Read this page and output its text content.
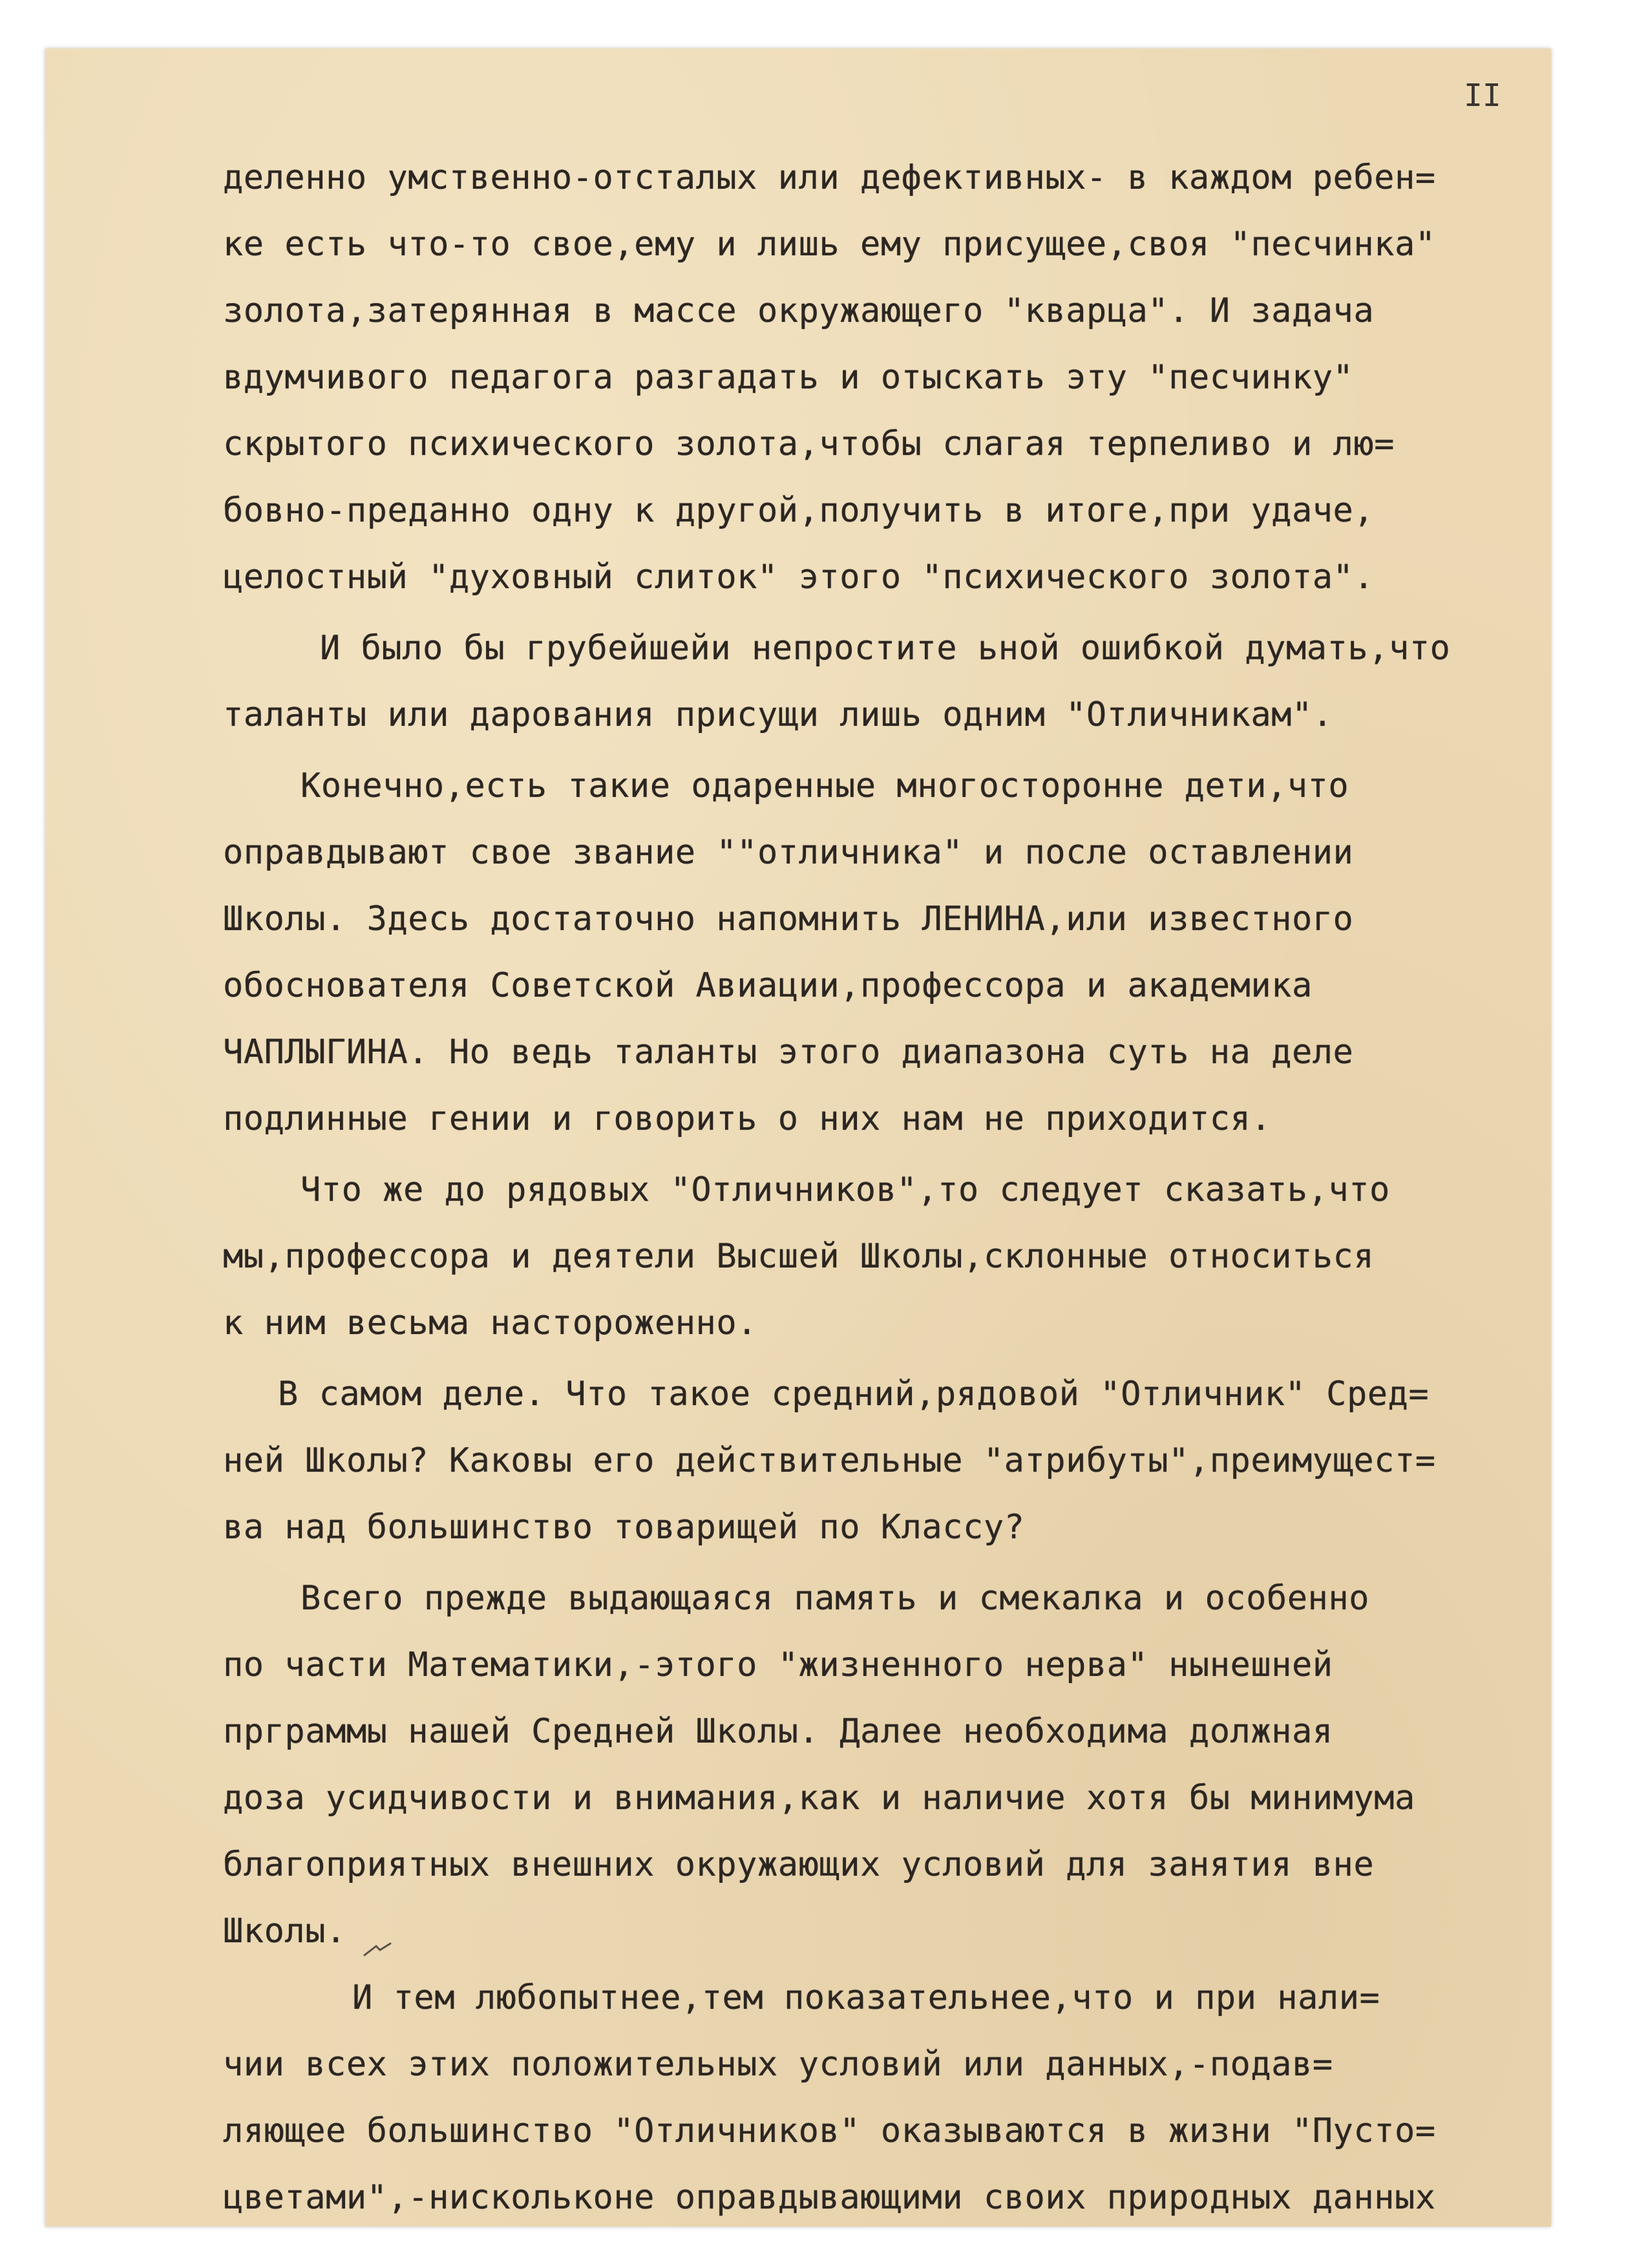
II
деленно умственно-отсталых или дефективных- в каждом ребен=
ке есть что-то свое,ему и лишь ему присущее,своя "песчинка"
золота,затерянная в массе окружающего "кварца". И задача
вдумчивого педагога разгадать и отыскать эту "песчинку"
скрытого психического золота,чтобы слагая терпеливо и лю=
бовно-преданно одну к другой,получить в итоге,при удаче,
целостный "духовный слиток" этого "психического золота".
И было бы грубейшейи непростите ьной ошибкой думать,что
таланты или дарования присущи лишь одним "Отличникам".
Конечно,есть такие одаренные многосторонне дети,что
оправдывают свое звание ""отличника" и после оставлении
Школы. Здесь достаточно напомнить ЛЕНИНА,или известного
обоснователя Советской Авиации,профессора и академика
ЧАПЛЫГИНА. Но ведь таланты этого диапазона суть на деле
подлинные гении и говорить о них нам не приходится.
Что же до рядовых "Отличников",то следует сказать,что
мы,профессора и деятели Высшей Школы,склонные относиться
к ним весьма настороженно.
В самом деле. Что такое средний,рядовой "Отличник" Сред=
ней Школы? Каковы его действительные "атрибуты",преимущест=
ва над большинство товарищей по Классу?
Всего прежде выдающаяся память и смекалка и особенно
по части Математики,-этого "жизненного нерва" нынешней
прграммы нашей Средней Школы. Далее необходима должная
доза усидчивости и внимания,как и наличие хотя бы минимума
благоприятных внешних окружающих условий для занятия вне
Школы.
И тем любопытнее,тем показательнее,что и при нали=
чии всех этих положительных условий или данных,-подав=
ляющее большинство "Отличников" оказываются в жизни "Пусто=
цветами",-нискольконе оправдывающими своих природных данных
